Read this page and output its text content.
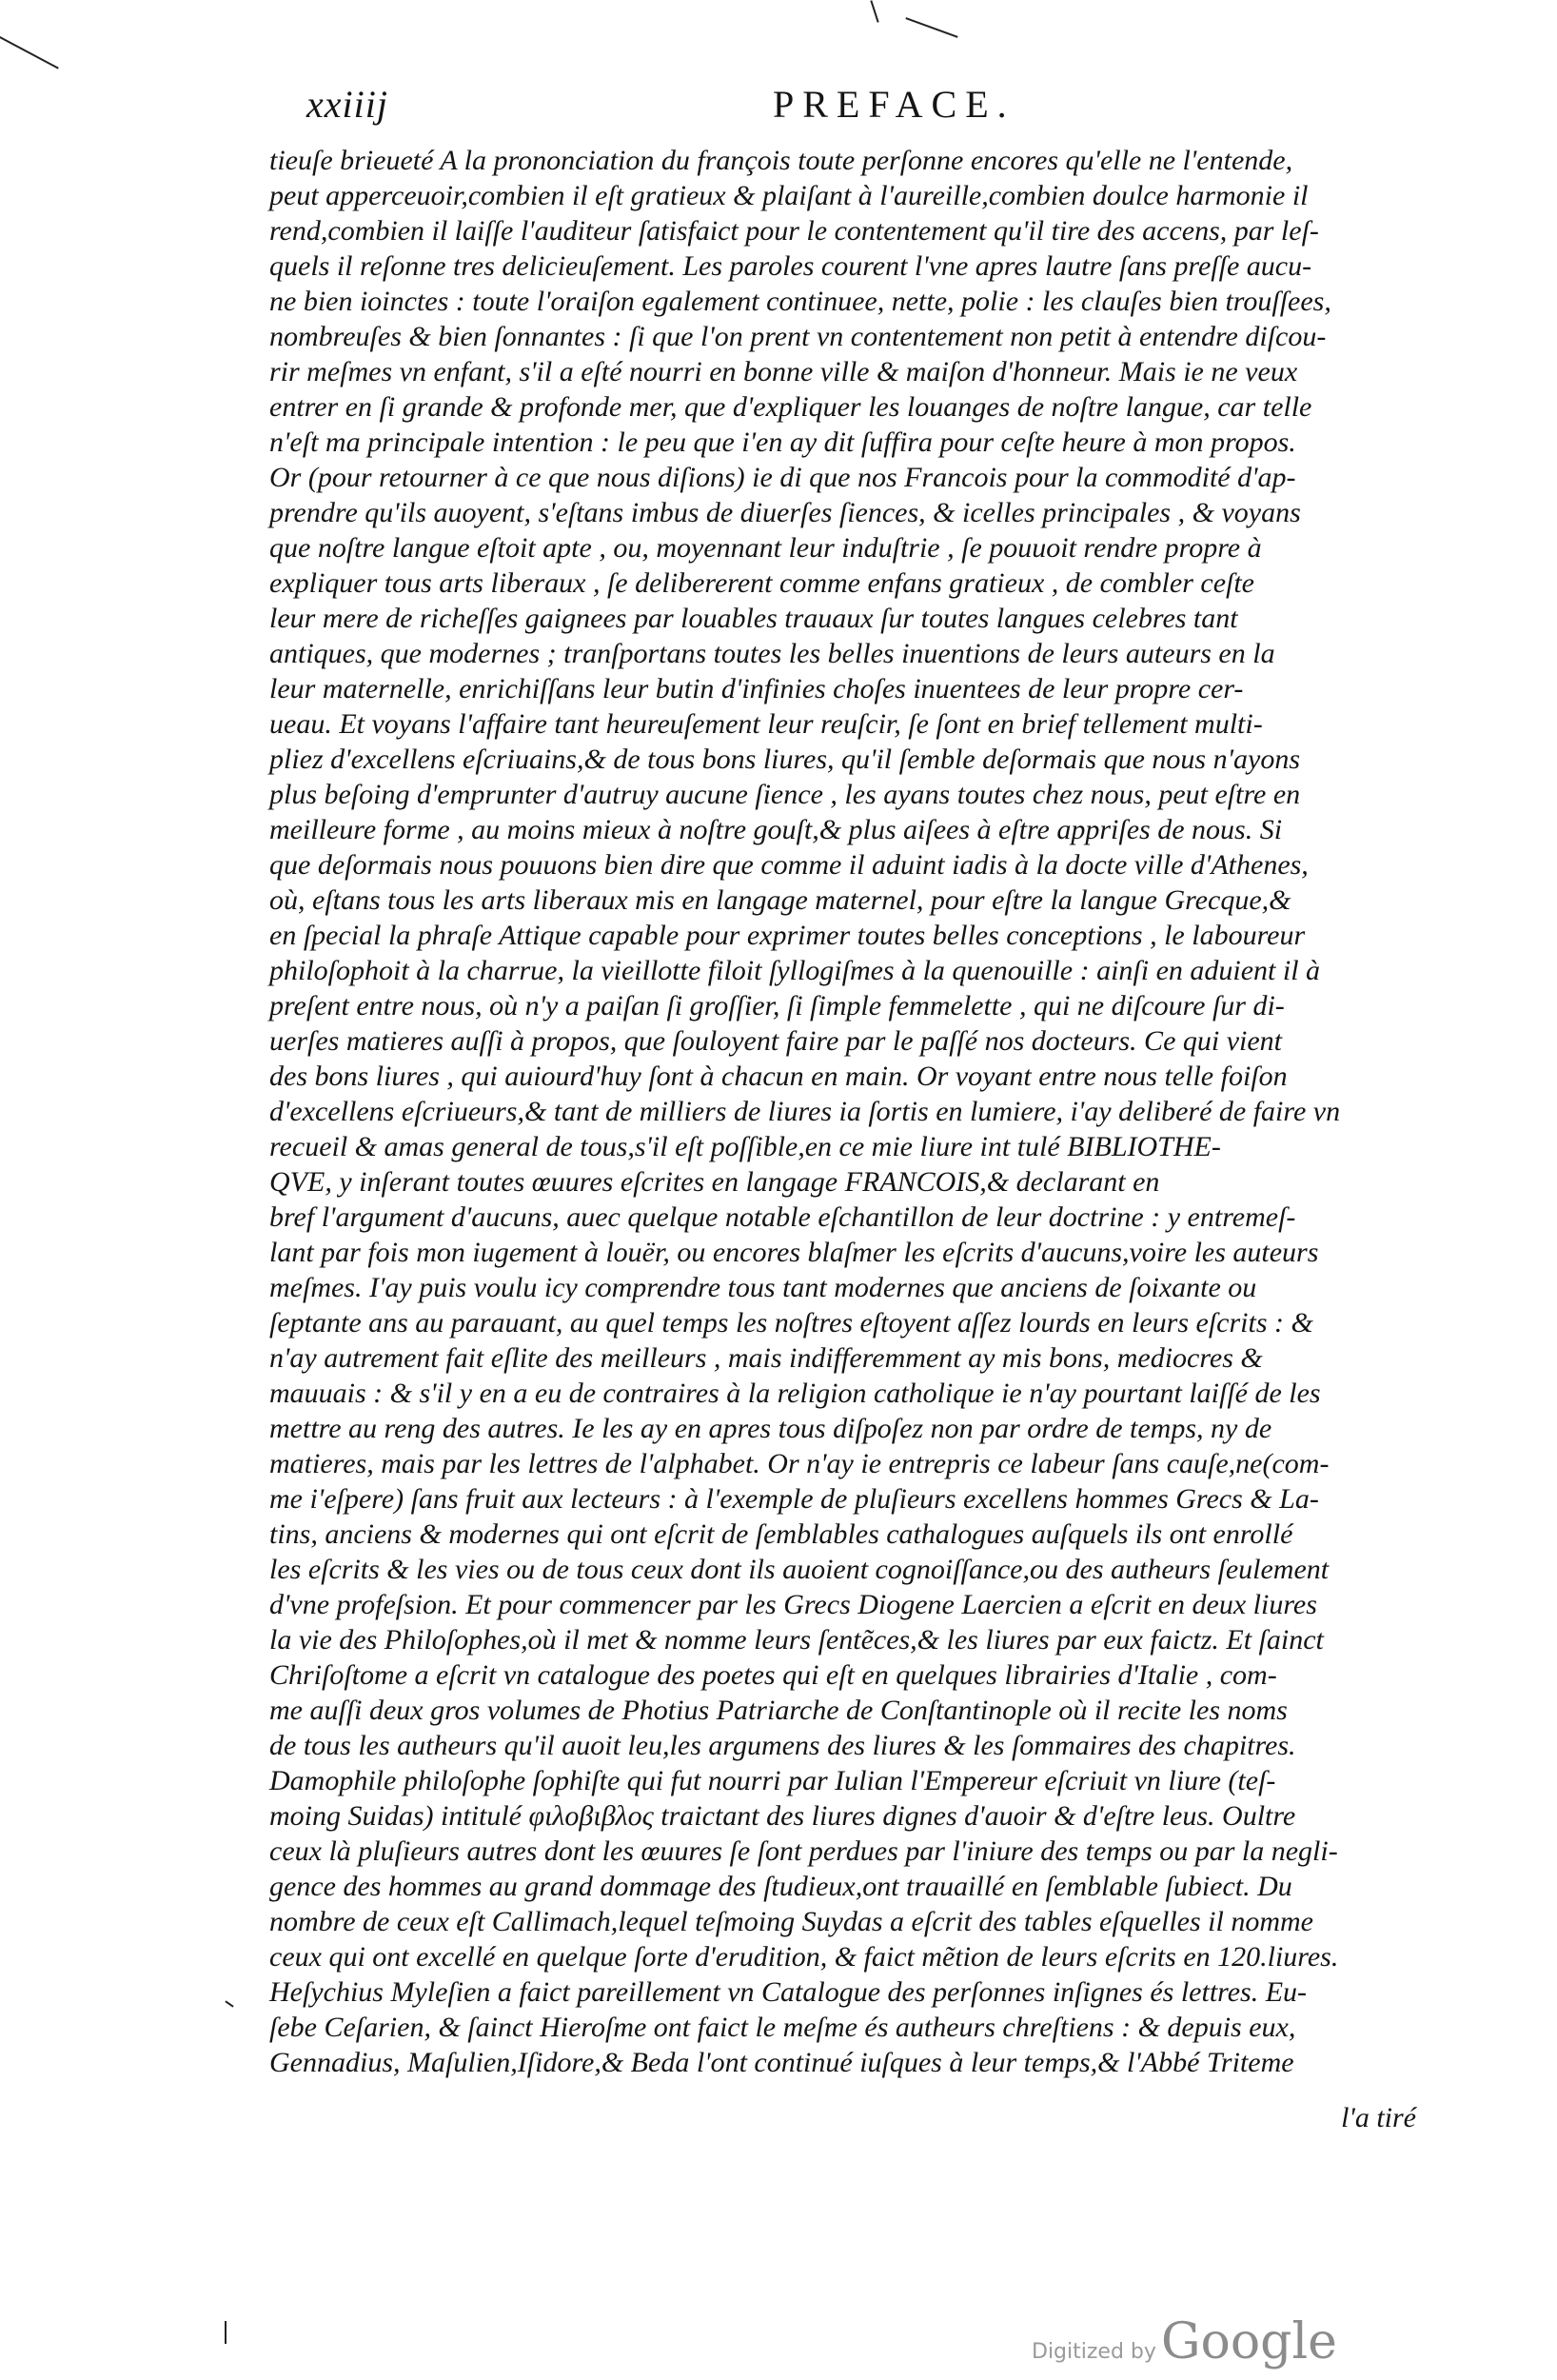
xxiiij	PREFACE.
tieuſe brieueté A la prononciation du françois toute perſonne encores qu'elle ne l'entende,
peut apperceuoir,combien il eſt gratieux & plaiſant à l'aureille,combien doulce harmonie il
rend,combien il laiſſe l'auditeur ſatisfaict pour le contentement qu'il tire des accens, par leſ-
quels il reſonne tres delicieuſement. Les paroles courent l'vne apres lautre ſans preſſe aucu-
ne bien ioinctes : toute l'oraiſon egalement continuee, nette, polie : les clauſes bien trouſſees,
nombreuſes & bien ſonnantes : ſi que l'on prent vn contentement non petit à entendre diſcou-
rir meſmes vn enfant, s'il a eſté nourri en bonne ville & maiſon d'honneur. Mais ie ne veux
entrer en ſi grande & profonde mer, que d'expliquer les louanges de noſtre langue, car telle
n'eſt ma principale intention : le peu que i'en ay dit ſuffira pour ceſte heure à mon propos.
Or (pour retourner à ce que nous diſions) ie di que nos Francois pour la commodité d'ap-
prendre qu'ils auoyent, s'eſtans imbus de diuerſes ſiences, & icelles principales , & voyans
que noſtre langue eſtoit apte , ou, moyennant leur induſtrie , ſe pouuoit rendre propre à
expliquer tous arts liberaux , ſe delibererent comme enfans gratieux , de combler ceſte
leur mere de richeſſes gaignees par louables trauaux ſur toutes langues celebres tant
antiques, que modernes ; tranſportans toutes les belles inuentions de leurs auteurs en la
leur maternelle, enrichiſſans leur butin d'infinies choſes inuentees de leur propre cer-
ueau. Et voyans l'affaire tant heureuſement leur reuſcir, ſe ſont en brief tellement multi-
pliez d'excellens eſcriuains,& de tous bons liures, qu'il ſemble deſormais que nous n'ayons
plus beſoing d'emprunter d'autruy aucune ſience , les ayans toutes chez nous, peut eſtre en
meilleure forme , au moins mieux à noſtre gouſt,& plus aiſees à eſtre appriſes de nous. Si
que deſormais nous pouuons bien dire que comme il aduint iadis à la docte ville d'Athenes,
où, eſtans tous les arts liberaux mis en langage maternel, pour eſtre la langue Grecque,&
en ſpecial la phraſe Attique capable pour exprimer toutes belles conceptions , le laboureur
philoſophoit à la charrue, la vieillotte filoit ſyllogiſmes à la quenouille : ainſi en aduient il à
preſent entre nous, où n'y a paiſan ſi groſſier, ſi ſimple femmelette , qui ne diſcoure ſur di-
uerſes matieres auſſi à propos, que ſouloyent faire par le paſſé nos docteurs. Ce qui vient
des bons liures , qui auiourd'huy ſont à chacun en main. Or voyant entre nous telle foiſon
d'excellens eſcriueurs,& tant de milliers de liures ia ſortis en lumiere, i'ay deliberé de faire vn
recueil & amas general de tous,s'il eſt poſſible,en ce mie liure int tulé BIBLIOTHE-
QVE, y inſerant toutes œuures eſcrites en langage FRANCOIS,& declarant en
bref l'argument d'aucuns, auec quelque notable eſchantillon de leur doctrine : y entremeſ-
lant par fois mon iugement à louër, ou encores blaſmer les eſcrits d'aucuns,voire les auteurs
meſmes. I'ay puis voulu icy comprendre tous tant modernes que anciens de ſoixante ou
ſeptante ans au parauant, au quel temps les noſtres eſtoyent aſſez lourds en leurs eſcrits : &
n'ay autrement fait eſlite des meilleurs , mais indifferemment ay mis bons, mediocres &
mauuais : & s'il y en a eu de contraires à la religion catholique ie n'ay pourtant laiſſé de les
mettre au reng des autres. Ie les ay en apres tous diſpoſez non par ordre de temps, ny de
matieres, mais par les lettres de l'alphabet. Or n'ay ie entrepris ce labeur ſans cauſe,ne(com-
me i'eſpere) ſans fruit aux lecteurs : à l'exemple de pluſieurs excellens hommes Grecs & La-
tins, anciens & modernes qui ont eſcrit de ſemblables cathalogues auſquels ils ont enrollé
les eſcrits & les vies ou de tous ceux dont ils auoient cognoiſſance,ou des autheurs ſeulement
d'vne profeſsion. Et pour commencer par les Grecs Diogene Laercien a eſcrit en deux liures
la vie des Philoſophes,où il met & nomme leurs ſentẽces,& les liures par eux faictz. Et ſainct
Chriſoſtome a eſcrit vn catalogue des poetes qui eſt en quelques librairies d'Italie , com-
me auſſi deux gros volumes de Photius Patriarche de Conſtantinople où il recite les noms
de tous les autheurs qu'il auoit leu,les argumens des liures & les ſommaires des chapitres.
Damophile philoſophe ſophiſte qui fut nourri par Iulian l'Empereur eſcriuit vn liure (teſ-
moing Suidas) intitulé φιλοβιβλος traictant des liures dignes d'auoir & d'eſtre leus. Oultre
ceux là pluſieurs autres dont les œuures ſe ſont perdues par l'iniure des temps ou par la negli-
gence des hommes au grand dommage des ſtudieux,ont trauaillé en ſemblable ſubiect. Du
nombre de ceux eſt Callimach,lequel teſmoing Suydas a eſcrit des tables eſquelles il nomme
ceux qui ont excellé en quelque ſorte d'erudition, & faict mẽtion de leurs eſcrits en 120.liures.
Heſychius Myleſien a faict pareillement vn Catalogue des perſonnes inſignes és lettres. Eu-
ſebe Ceſarien, & ſainct Hieroſme ont faict le meſme és autheurs chreſtiens : & depuis eux,
Gennadius, Maſulien,Iſidore,& Beda l'ont continué iuſques à leur temps,& l'Abbé Triteme
l'a tiré
Digitized by Google
